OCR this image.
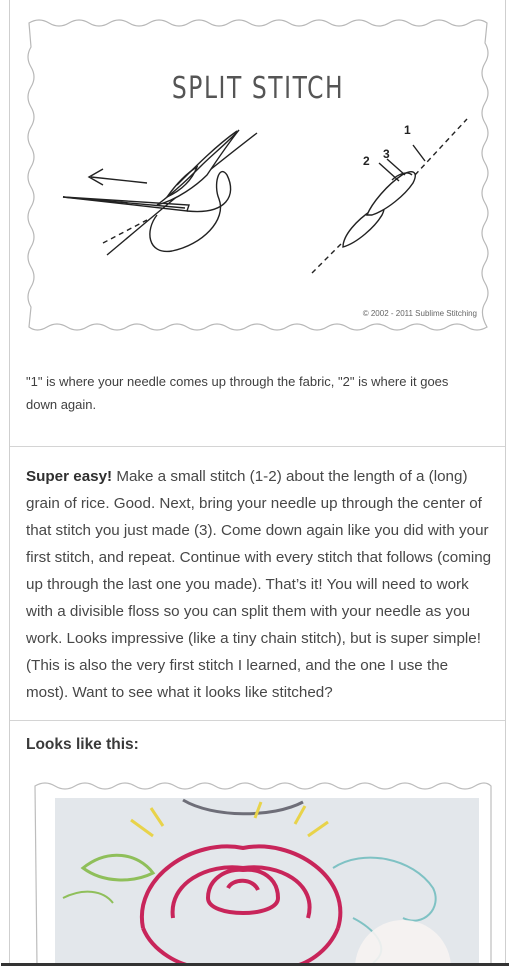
SPLIT STITCH
1
2 3
© 2002 - 2011 Sublime Stitching
"1" is where your needle comes up through the fabric, "2" is where it goes down again.
Super easy! Make a small stitch (1-2) about the length of a (long) grain of rice. Good. Next, bring your needle up through the center of that stitch you just made (3). Come down again like you did with your first stitch, and repeat. Continue with every stitch that follows (coming up through the last one you made). That’s it! You will need to work with a divisible floss so you can split them with your needle as you work. Looks impressive (like a tiny chain stitch), but is super simple! (This is also the very first stitch I learned, and the one I use the most). Want to see what it looks like stitched?
Looks like this:
